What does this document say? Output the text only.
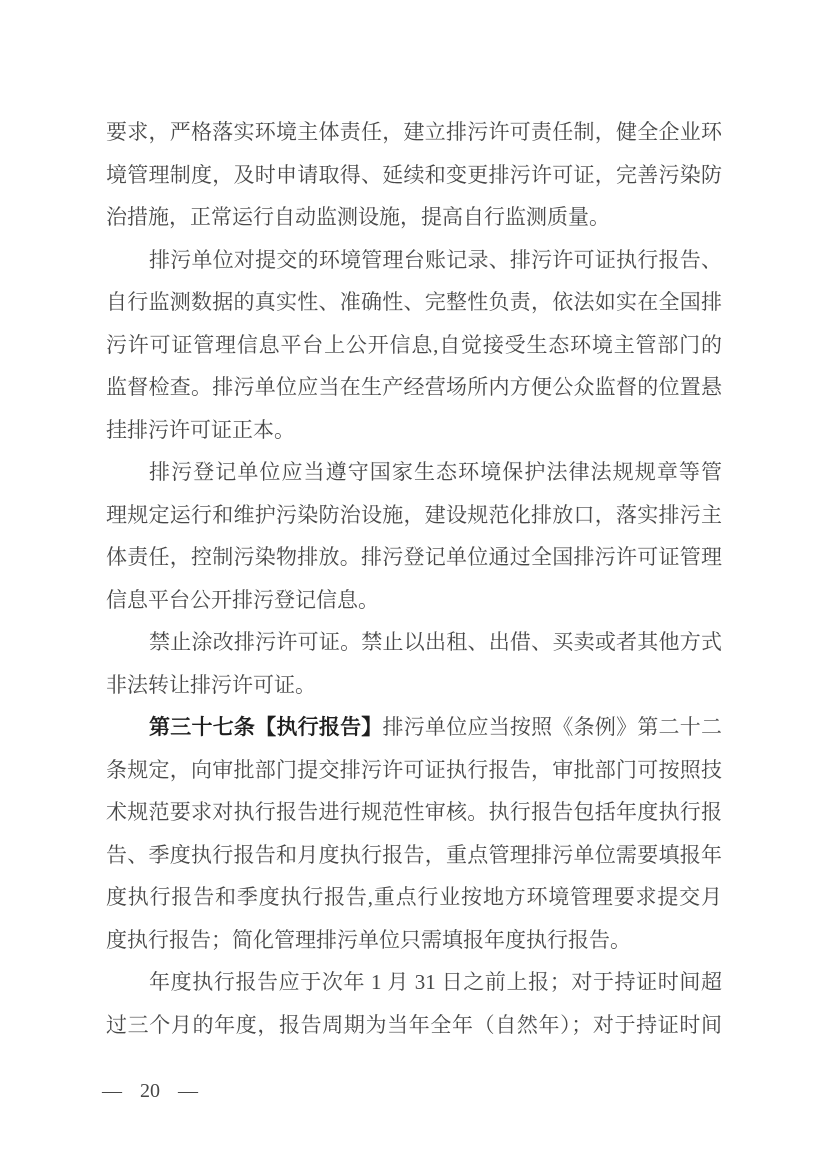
要求，严格落实环境主体责任，建立排污许可责任制，健全企业环
境管理制度，及时申请取得、延续和变更排污许可证，完善污染防
治措施，正常运行自动监测设施，提高自行监测质量。
排污单位对提交的环境管理台账记录、排污许可证执行报告、
自行监测数据的真实性、准确性、完整性负责，依法如实在全国排
污许可证管理信息平台上公开信息,自觉接受生态环境主管部门的
监督检查。排污单位应当在生产经营场所内方便公众监督的位置悬
挂排污许可证正本。
排污登记单位应当遵守国家生态环境保护法律法规规章等管
理规定运行和维护污染防治设施，建设规范化排放口，落实排污主
体责任，控制污染物排放。排污登记单位通过全国排污许可证管理
信息平台公开排污登记信息。
禁止涂改排污许可证。禁止以出租、出借、买卖或者其他方式
非法转让排污许可证。
第三十七条【执行报告】排污单位应当按照《条例》第二十二
条规定，向审批部门提交排污许可证执行报告，审批部门可按照技
术规范要求对执行报告进行规范性审核。执行报告包括年度执行报
告、季度执行报告和月度执行报告，重点管理排污单位需要填报年
度执行报告和季度执行报告,重点行业按地方环境管理要求提交月
度执行报告；简化管理排污单位只需填报年度执行报告。
年度执行报告应于次年 1 月 31 日之前上报；对于持证时间超
过三个月的年度，报告周期为当年全年（自然年）；对于持证时间
— 20 —
